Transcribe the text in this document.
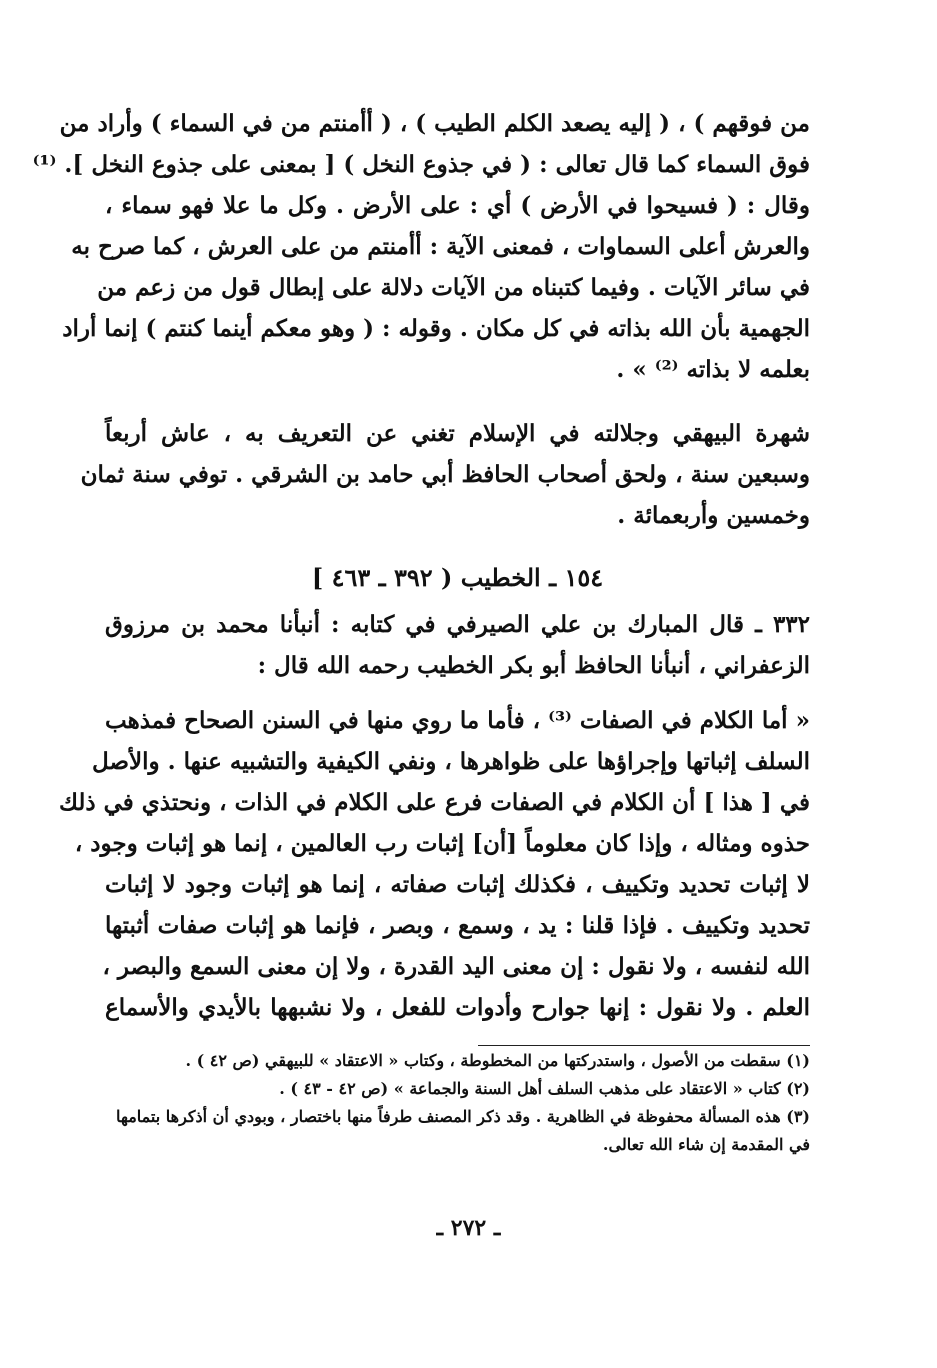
من فوقهم ) ، ( إليه يصعد الكلم الطيب ) ، ( أأمنتم من في السماء ) وأراد من
فوق السماء كما قال تعالى : ( في جذوع النخل ) [ بمعنى على جذوع النخل ]. ⁽¹⁾
وقال : ( فسيحوا في الأرض ) أي : على الأرض . وكل ما علا فهو سماء ،
والعرش أعلى السماوات ، فمعنى الآية : أأمنتم من على العرش ، كما صرح به
في سائر الآيات . وفيما كتبناه من الآيات دلالة على إبطال قول من زعم من
الجهمية بأن الله بذاته في كل مكان . وقوله : ( وهو معكم أينما كنتم ) إنما أراد
بعلمه لا بذاته ⁽²⁾ » .
شهرة البيهقي وجلالته في الإسلام تغني عن التعريف به ، عاش أربعاً
وسبعين سنة ، ولحق أصحاب الحافظ أبي حامد بن الشرقي . توفي سنة ثمان
وخمسين وأربعمائة .
١٥٤ ـ الخطيب ( ٣٩٢ ـ ٤٦٣ ]
٣٣٢ ـ قال المبارك بن علي الصيرفي في كتابه : أنبأنا محمد بن مرزوق
الزعفراني ، أنبأنا الحافظ أبو بكر الخطيب رحمه الله قال :
« أما الكلام في الصفات ⁽³⁾ ، فأما ما روي منها في السنن الصحاح فمذهب
السلف إثباتها وإجراؤها على ظواهرها ، ونفي الكيفية والتشبيه عنها . والأصل
في [ هذا ] أن الكلام في الصفات فرع على الكلام في الذات ، ونحتذي في ذلك
حذوه ومثاله ، وإذا كان معلوماً [أن] إثبات رب العالمين ، إنما هو إثبات وجود ،
لا إثبات تحديد وتكييف ، فكذلك إثبات صفاته ، إنما هو إثبات وجود لا إثبات
تحديد وتكييف . فإذا قلنا : يد ، وسمع ، وبصر ، فإنما هو إثبات صفات أثبتها
الله لنفسه ، ولا نقول : إن معنى اليد القدرة ، ولا إن معنى السمع والبصر ،
العلم . ولا نقول : إنها جوارح وأدوات للفعل ، ولا نشبهها بالأيدي والأسماع
(١) سقطت من الأصول ، واستدركتها من المخطوطة ، وكتاب « الاعتقاد » للبيهقي (ص ٤٢ ) .
(٢) كتاب « الاعتقاد على مذهب السلف أهل السنة والجماعة » (ص ٤٢ - ٤٣ ) .
(٣) هذه المسألة محفوظة في الظاهرية . وقد ذكر المصنف طرفاً منها باختصار ، وبودي أن أذكرها بتمامها
في المقدمة إن شاء الله تعالى.
ـ ٢٧٢ ـ
